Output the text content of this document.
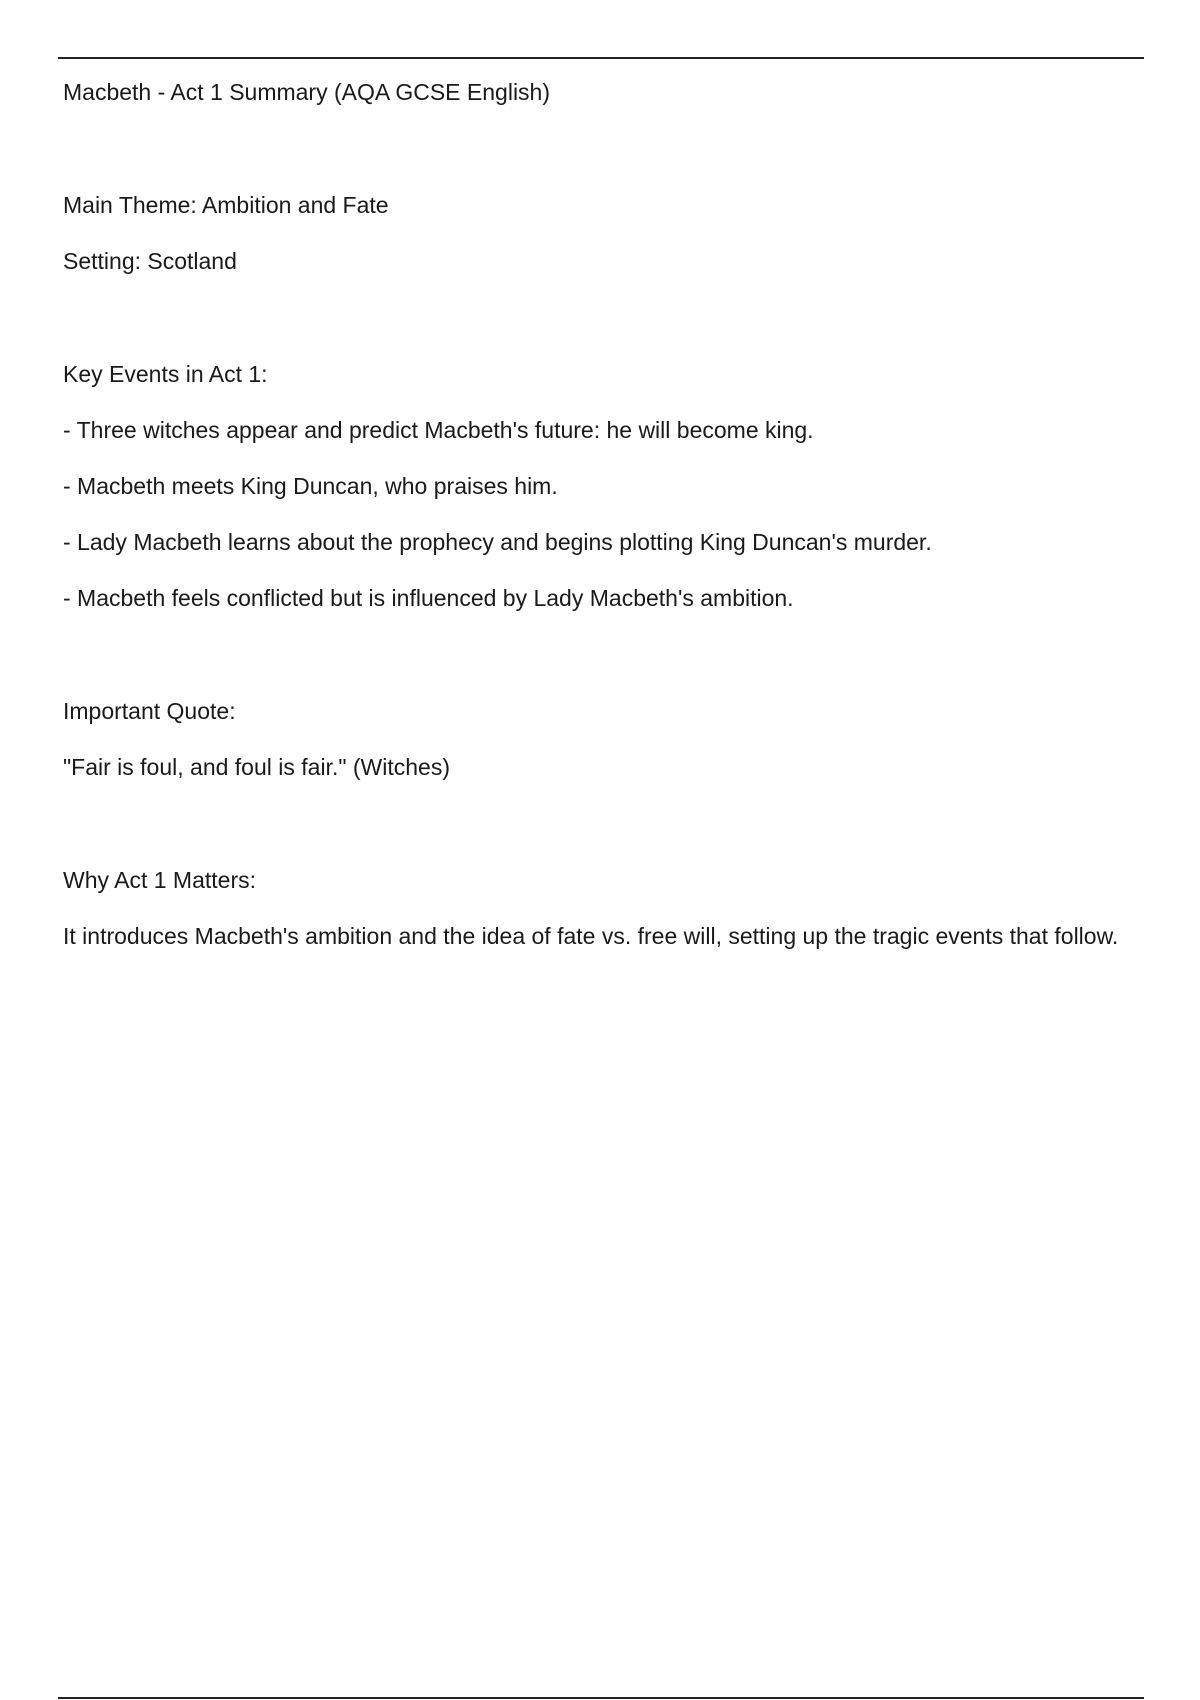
Macbeth - Act 1 Summary (AQA GCSE English)
Main Theme: Ambition and Fate
Setting: Scotland
Key Events in Act 1:
- Three witches appear and predict Macbeth's future: he will become king.
- Macbeth meets King Duncan, who praises him.
- Lady Macbeth learns about the prophecy and begins plotting King Duncan's murder.
- Macbeth feels conflicted but is influenced by Lady Macbeth's ambition.
Important Quote:
"Fair is foul, and foul is fair." (Witches)
Why Act 1 Matters:
It introduces Macbeth's ambition and the idea of fate vs. free will, setting up the tragic events that follow.
